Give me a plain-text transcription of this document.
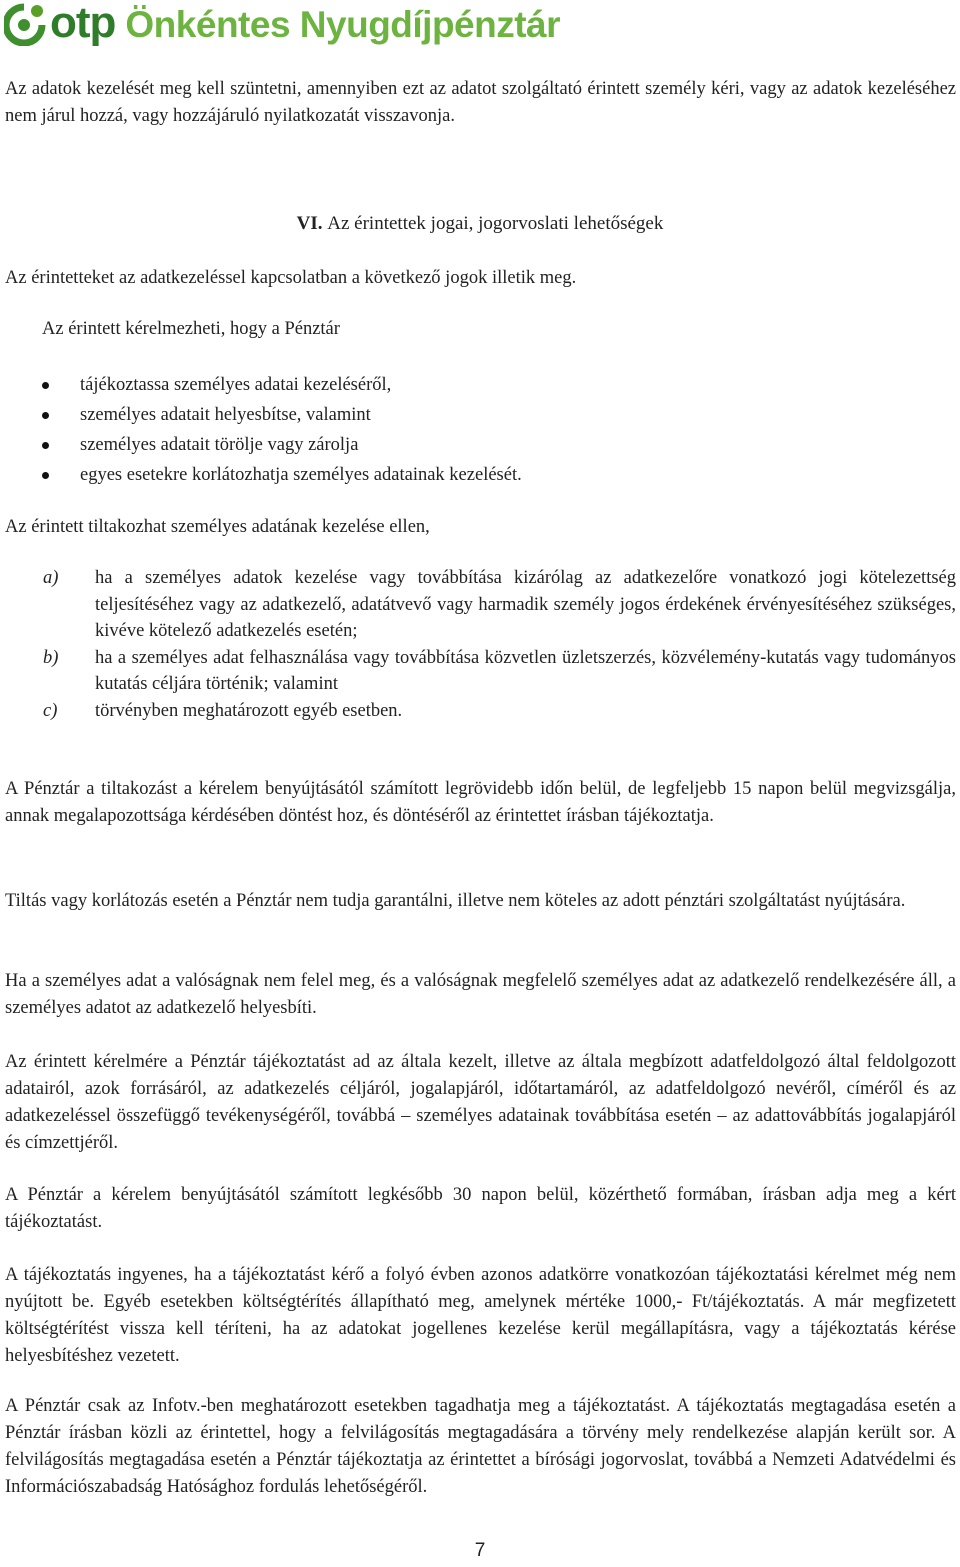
otp Önkéntes Nyugdíjpénztár

Az adatok kezelését meg kell szüntetni, amennyiben ezt az adatot szolgáltató érintett személy kéri, vagy az adatok kezeléséhez nem járul hozzá, vagy hozzájáruló nyilatkozatát visszavonja.

VI. Az érintettek jogai, jogorvoslati lehetőségek

Az érintetteket az adatkezeléssel kapcsolatban a következő jogok illetik meg.

Az érintett kérelmezheti, hogy a Pénztár

tájékoztassa személyes adatai kezeléséről,
személyes adatait helyesbítse, valamint
személyes adatait törölje vagy zárolja
egyes esetekre korlátozhatja személyes adatainak kezelését.

Az érintett tiltakozhat személyes adatának kezelése ellen,

a) ha a személyes adatok kezelése vagy továbbítása kizárólag az adatkezelőre vonatkozó jogi kötelezettség teljesítéséhez vagy az adatkezelő, adatátvevő vagy harmadik személy jogos érdekének érvényesítéséhez szükséges, kivéve kötelező adatkezelés esetén;
b) ha a személyes adat felhasználása vagy továbbítása közvetlen üzletszerzés, közvélemény-kutatás vagy tudományos kutatás céljára történik; valamint
c) törvényben meghatározott egyéb esetben.

A Pénztár a tiltakozást a kérelem benyújtásától számított legrövidebb időn belül, de legfeljebb 15 napon belül megvizsgálja, annak megalapozottsága kérdésében döntést hoz, és döntéséről az érintettet írásban tájékoztatja.

Tiltás vagy korlátozás esetén a Pénztár nem tudja garantálni, illetve nem köteles az adott pénztári szolgáltatást nyújtására.

Ha a személyes adat a valóságnak nem felel meg, és a valóságnak megfelelő személyes adat az adatkezelő rendelkezésére áll, a személyes adatot az adatkezelő helyesbíti.

Az érintett kérelmére a Pénztár tájékoztatást ad az általa kezelt, illetve az általa megbízott adatfeldolgozó által feldolgozott adatairól, azok forrásáról, az adatkezelés céljáról, jogalapjáról, időtartamáról, az adatfeldolgozó nevéről, címéről és az adatkezeléssel összefüggő tevékenységéről, továbbá – személyes adatainak továbbítása esetén – az adattovábbítás jogalapjáról és címzettjéről.

A Pénztár a kérelem benyújtásától számított legkésőbb 30 napon belül, közérthető formában, írásban adja meg a kért tájékoztatást.

A tájékoztatás ingyenes, ha a tájékoztatást kérő a folyó évben azonos adatkörre vonatkozóan tájékoztatási kérelmet még nem nyújtott be. Egyéb esetekben költségtérítés állapítható meg, amelynek mértéke 1000,- Ft/tájékoztatás. A már megfizetett költségtérítést vissza kell téríteni, ha az adatokat jogellenes kezelése kerül megállapításra, vagy a tájékoztatás kérése helyesbítéshez vezetett.

A Pénztár csak az Infotv.-ben meghatározott esetekben tagadhatja meg a tájékoztatást. A tájékoztatás megtagadása esetén a Pénztár írásban közli az érintettel, hogy a felvilágosítás megtagadására a törvény mely rendelkezése alapján került sor. A felvilágosítás megtagadása esetén a Pénztár tájékoztatja az érintettet a bírósági jogorvoslat, továbbá a Nemzeti Adatvédelmi és Információszabadság Hatósághoz fordulás lehetőségéről.

7
